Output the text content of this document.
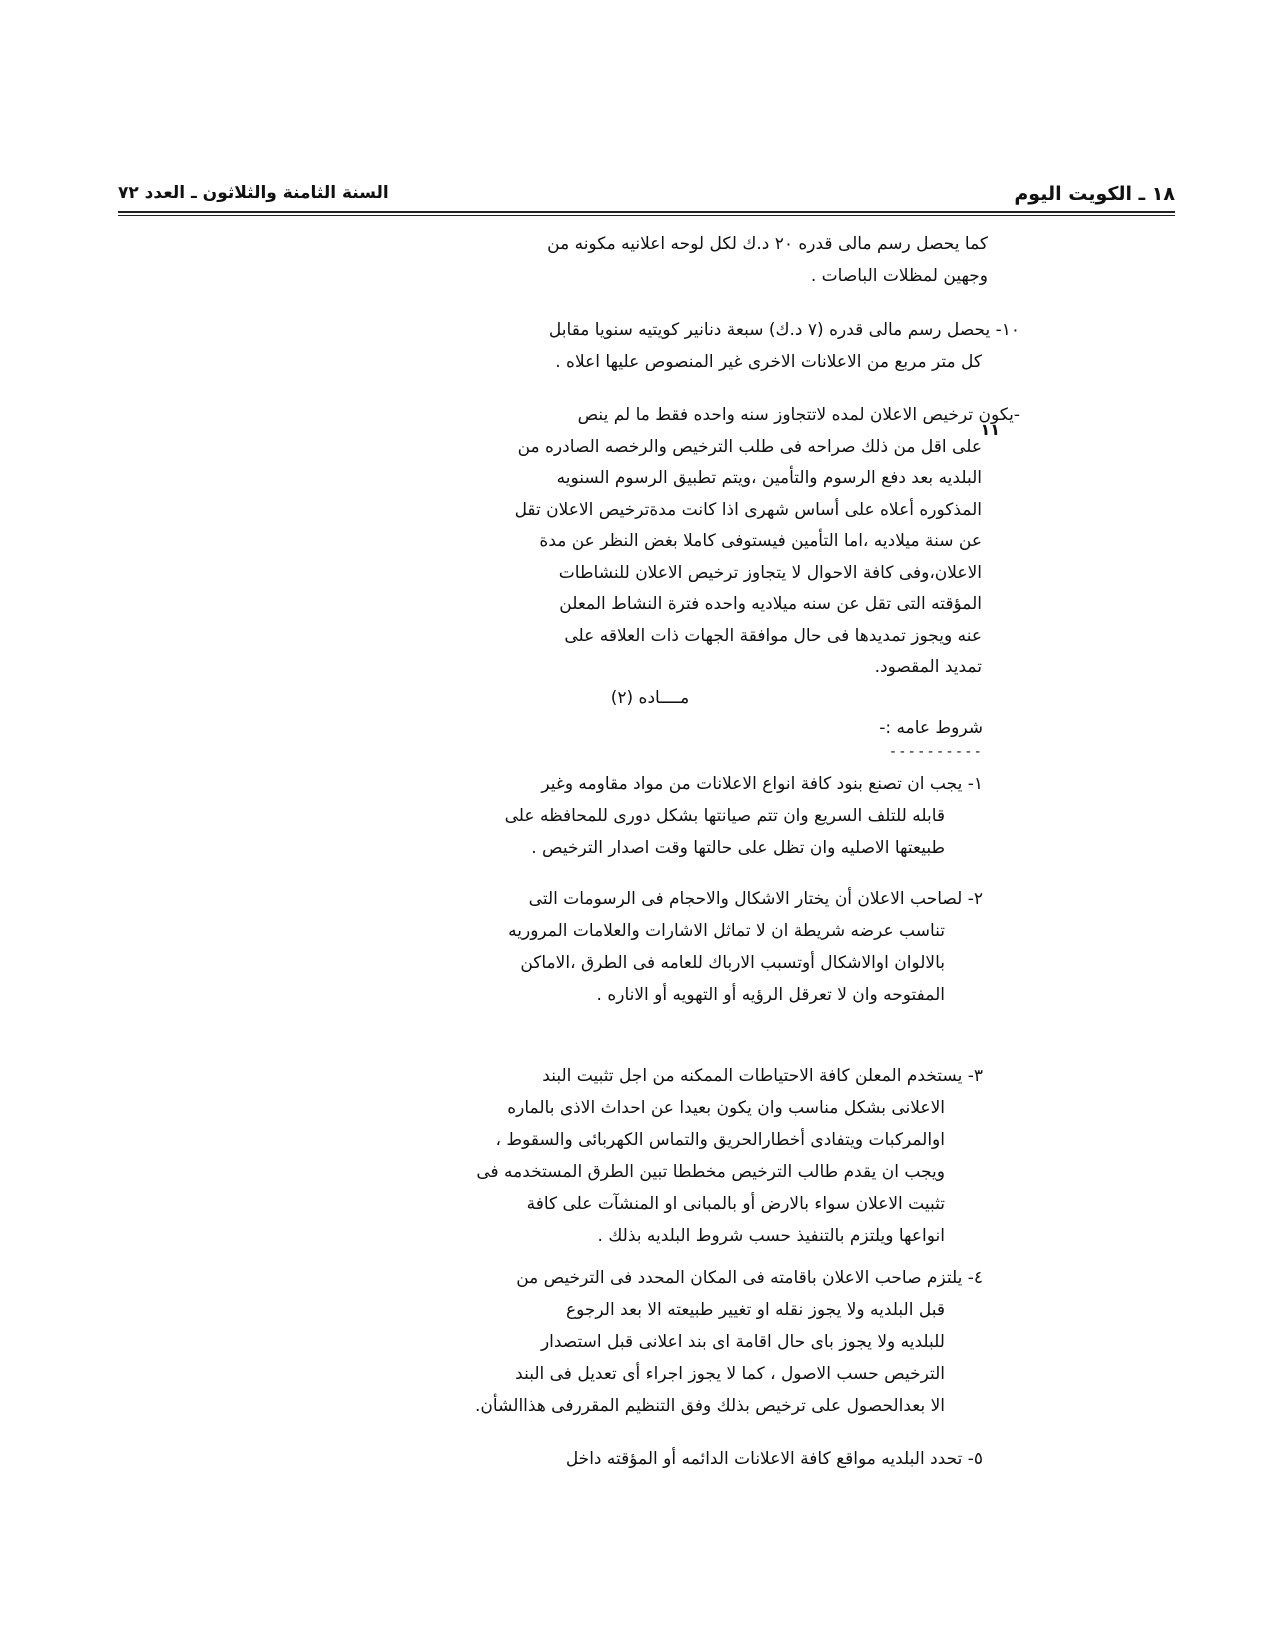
١٨ ـ الكويت اليوم
السنة الثامنة والثلاثون ـ العدد ٧٢
كما يحصل رسم مالى قدره ٢٠ د.ك لكل لوحه اعلانيه مكونه من
وجهين لمظلات الباصات .
١٠- يحصل رسم مالى قدره (٧ د.ك) سبعة دنانير كويتيه سنويا مقابل
كل متر مربع من الاعلانات الاخرى غير المنصوص عليها اعلاه .
١١
-يكون ترخيص الاعلان لمده لاتتجاوز سنه واحده فقط ما لم ينص
على اقل من ذلك صراحه فى طلب الترخيص والرخصه الصادره من
البلديه بعد دفع الرسوم والتأمين ،ويتم تطبيق الرسوم السنويه
المذكوره أعلاه على أساس شهرى اذا كانت مدةترخيص الاعلان تقل
عن سنة ميلاديه ،اما التأمين فيستوفى كاملا بغض النظر عن مدة
الاعلان،وفى كافة الاحوال لا يتجاوز ترخيص الاعلان للنشاطات
المؤقته التى تقل عن سنه ميلاديه واحده فترة النشاط المعلن
عنه ويجوز تمديدها فى حال موافقة الجهات ذات العلاقه على
تمديد المقصود.
مــــاده (٢)
شروط عامه :-
----------
١- يجب ان تصنع بنود كافة انواع الاعلانات من مواد مقاومه وغير
قابله للتلف السريع وان تتم صيانتها بشكل دورى للمحافظه على
طبيعتها الاصليه وان تظل على حالتها وقت اصدار الترخيص .
٢- لصاحب الاعلان أن يختار الاشكال والاحجام فى الرسومات التى
تناسب عرضه شريطة ان لا تماثل الاشارات والعلامات المروريه
بالالوان اوالاشكال أوتسبب الارباك للعامه فى الطرق ،الاماكن
المفتوحه وان لا تعرقل الرؤيه أو التهويه أو الاناره .
٣- يستخدم المعلن كافة الاحتياطات الممكنه من اجل تثبيت البند
الاعلانى بشكل مناسب وان يكون بعيدا عن احداث الاذى بالماره
اوالمركبات ويتفادى أخطارالحريق والتماس الكهربائى والسقوط ،
ويجب ان يقدم طالب الترخيص مخططا تبين الطرق المستخدمه فى
تثبيت الاعلان سواء بالارض أو بالمبانى او المنشآت على كافة
انواعها ويلتزم بالتنفيذ حسب شروط البلديه بذلك .
٤- يلتزم صاحب الاعلان باقامته فى المكان المحدد فى الترخيص من
قبل البلديه ولا يجوز نقله او تغيير طبيعته الا بعد الرجوع
للبلديه ولا يجوز باى حال اقامة اى بند اعلانى قبل استصدار
الترخيص حسب الاصول ، كما لا يجوز اجراء أى تعديل فى البند
الا بعدالحصول على ترخيص بذلك وفق التنظيم المقررفى هذاالشأن.
٥- تحدد البلديه مواقع كافة الاعلانات الدائمه أو المؤقته داخل
